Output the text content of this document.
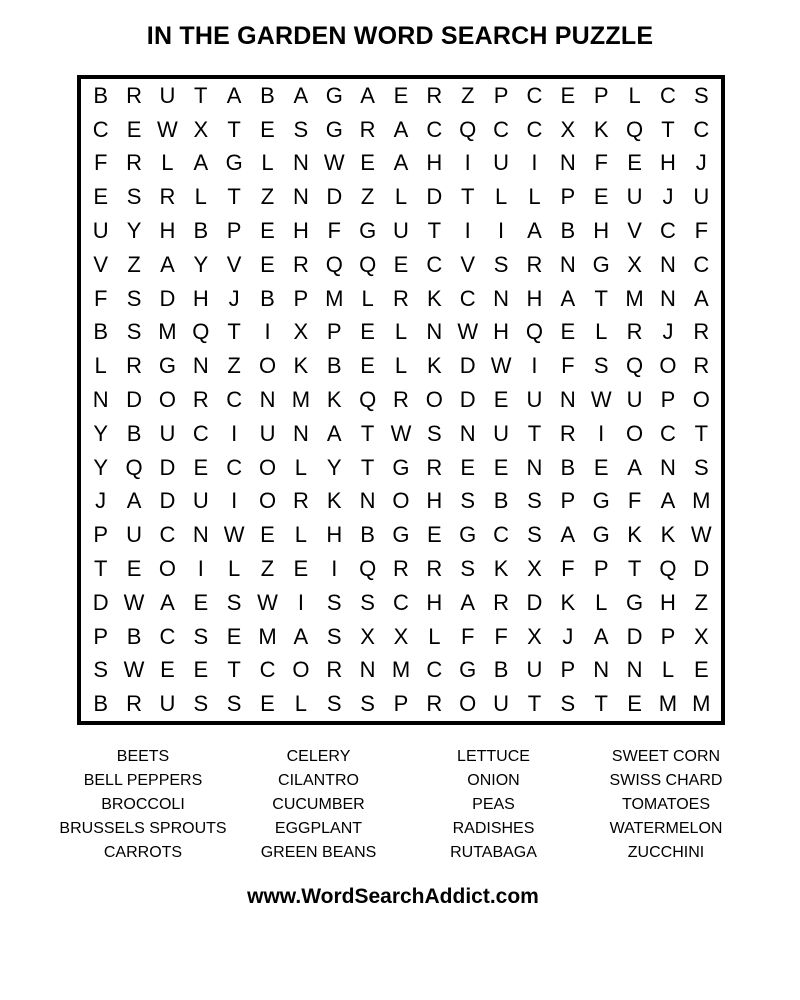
IN THE GARDEN WORD SEARCH PUZZLE
B R U T A B A G A E R Z P C E P L C S
C E W X T E S G R A C Q C C X K Q T C
F R L A G L N W E A H	I	U	I	N F E H J
E S R L T Z N D Z L D T L L P E U J U
U Y H B P E H F G U T	I	I	A B H V C F
V Z A Y V E R Q Q E C V S R N G X N C
F S D H J B P M L R K C N H A T M N A
B S M Q T	I	X P E L N W H Q E L R J R
L R G N Z O K B E L K D W I	F S Q O R
N D O R C N M K Q R O D E U N W U P O
Y B U C	I	U N A T W S N U T R	I O C T
Y Q D E C O L Y T G R E E N B E A N S
J A D U	I O R K N O H S B S P G F A M
P U C N W E L H B G E G C S A G K K W
T E O I	L Z E	I Q R R S K X F P T Q D
D W A E S W I	S S C H A R D K L G H Z
P B C S E M A S X X L F F X J A D P X
S W E E T C O R N M C G B U P N N L E
B R U S S E L S S P R O U T S T E M M
BEETS
BELL PEPPERS
BROCCOLI
BRUSSELS SPROUTS
CARROTS
CELERY
CILANTRO
CUCUMBER
EGGPLANT
GREEN BEANS
LETTUCE
ONION
PEAS
RADISHES
RUTABAGA
SWEET CORN
SWISS CHARD
TOMATOES
WATERMELON
ZUCCHINI
www.WordSearchAddict.com
